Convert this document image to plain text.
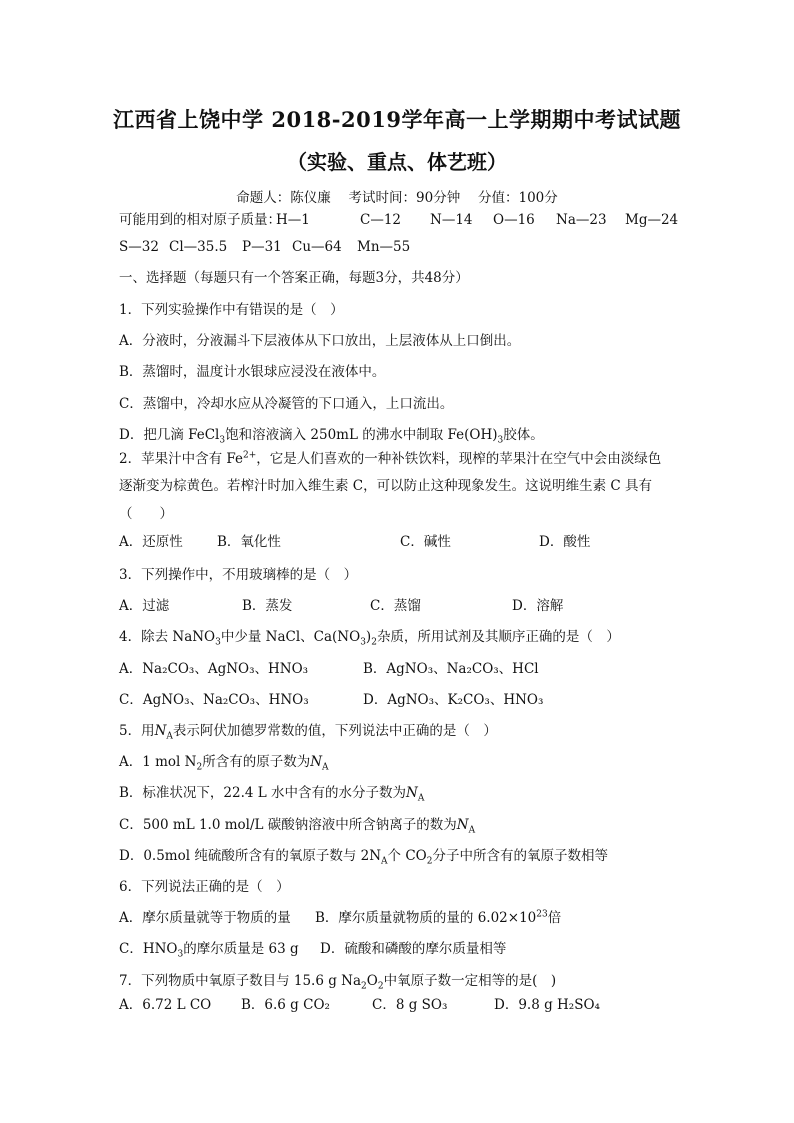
江西省上饶中学 2018-2019学年高一上学期期中考试试题
（实验、重点、体艺班）
命题人：陈仪廉　 考试时间：90分钟　 分值：100分
可能用到的相对原子质量：
H—1	C—12 N—14 O—16 Na—23 Mg—24
S—32 Cl—35.5 P—31 Cu—64 Mn—55
一、选择题（每题只有一个答案正确，每题3分，共48分）
1．下列实验操作中有错误的是（　）
A．分液时，分液漏斗下层液体从下口放出，上层液体从上口倒出。
B．蒸馏时，温度计水银球应浸没在液体中。
C．蒸馏中，冷却水应从冷凝管的下口通入，上口流出。
D．把几滴 FeCl$_3$饱和溶液滴入 250mL 的沸水中制取 $Fe(OH)_3$胶体。
2．苹果汁中含有 $Fe^{2+}$，它是人们喜欢的一种补铁饮料，现榨的苹果汁在空气中会由淡绿色
逐渐变为棕黄色。若榨汁时加入维生素 C，可以防止这种现象发生。这说明维生素 C 具有
（　　）
A．还原性	B．氧化性	C．碱性	D．酸性
3．下列操作中，不用玻璃棒的是（　）
A．过滤	B．蒸发	C．蒸馏	D．溶解
4．除去 NaNO$_3$中少量 NaCl、$Ca(NO_3)_2$杂质，所用试剂及其顺序正确的是（　）
A．Na₂CO₃、AgNO₃、HNO₃	B．AgNO₃、Na₂CO₃、HCl
C．AgNO₃、Na₂CO₃、HNO₃	D．AgNO₃、K₂CO₃、HNO₃
5．用$N_A$表示阿伏加德罗常数的值，下列说法中正确的是（　）
A．1 mol $N_2$所含有的原子数为$N_A$
B．标准状况下，22.4 L 水中含有的水分子数为$N_A$
C．500 mL 1.0 mol/L 碳酸钠溶液中所含钠离子的数为$N_A$
D．0.5mol 纯硫酸所含有的氧原子数与 $2N_A$个 $CO_2$分子中所含有的氧原子数相等
6．下列说法正确的是（　）
A．摩尔质量就等于物质的量 B．摩尔质量就物质的量的 $6.02\times 10^{23}$倍
C．$HNO_3$的摩尔质量是 63 g D．硫酸和磷酸的摩尔质量相等
7．下列物质中氧原子数目与 15.6 g $Na_2O_2$中氧原子数一定相等的是(　)
A．6.72 L CO B．6.6 g CO₂	C．8 g SO₃	D．9.8 g H₂SO₄
